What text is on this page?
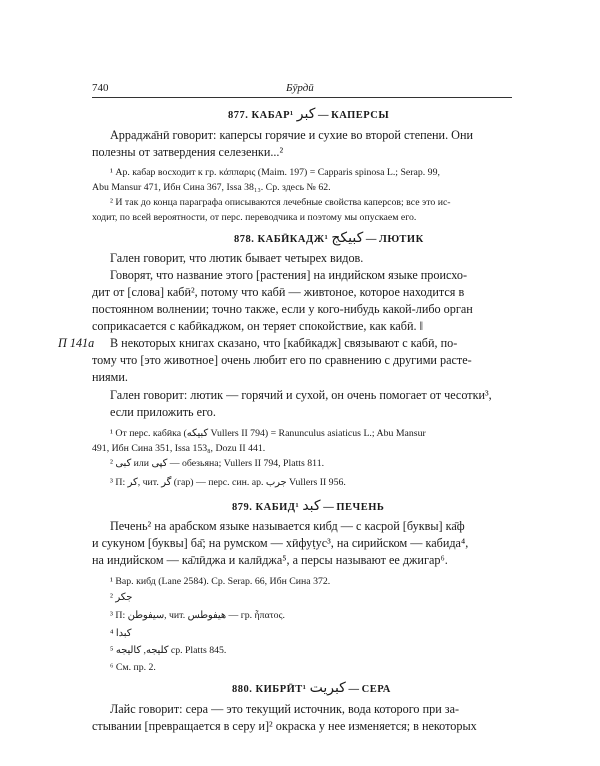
740	Бӯрдӣ
877. КАБАР¹ كبر — КАПЕРСЫ
Арраджа̄нӣ говорит: каперсы горячие и сухие во второй степени. Они
полезны от затвердения селезенки...²
¹ Ар. кабар восходит к гр. κάππαρις (Maim. 197) = Capparis spinosa L.; Serap. 99,
Abu Mansur 471, Ибн Сина 367, Issa 38₁₃. Ср. здесь № 62.
² И так до конца параграфа описываются лечебные свойства каперсов; все это ис-
ходит, по всей вероятности, от перс. переводчика и поэтому мы опускаем его.
878. КАБӢКАДЖ¹ كبيكج — ЛЮТИК
Гален говорит, что лютик бывает четырех видов.
Говорят, что название этого [растения] на индийском языке происхо-
дит от [слова] кабӣ², потому что кабӣ — живтоное, которое находится в
постоянном волнении; точно также, если у кого-нибудь какой-либо орган
соприкасается с кабӣкаджом, он теряет спокойствие, как кабӣ. ‖
П 141а В некоторых книгах сказано, что [кабӣкадж] связывают с кабӣ, по-
тому что [это животное] очень любит его по сравнению с другими расте-
ниями.
Гален говорит: лютик — горячий и сухой, он очень помогает от чесотки³, если приложить его.
¹ От перс. кабӣка (كبيكه Vullers II 794) = Ranunculus asiaticus L.; Abu Mansur
491, Ибн Сина 351, Issa 153₈, Dozu II 441.
² كبى или كپى — обезьяна; Vullers II 794, Platts 811.
³ П: كر, чит. گر (гар) — перс. син. ар. جرب Vullers II 956.
879. КАБИД¹ كبد — ПЕЧЕНЬ
Печень² на арабском языке называется кибд — с касрой [буквы] ка̄ф
и сукуном [буквы] ба̄; на румском — хӣфуṭус³, на сирийском — кабида⁴,
на индийском — ка̄лӣджа и калӣджа⁵, а персы называют ее джигар⁶.
¹ Вар. кибд (Lane 2584). Ср. Serap. 66, Ибн Сина 372.
² جكر
³ П: سيفوطن, чит. هيفوطس — гр. ἧπατος.
⁴ كبدا
⁵ كليجه, كاليجه ср. Platts 845.
⁶ См. пр. 2.
880. КИБРӢТ¹ كبريت — СЕРА
Лайс говорит: сера — это текущий источник, вода которого при за-
стывании [превращается в серу и]² окраска у нее изменяется; в некоторых
